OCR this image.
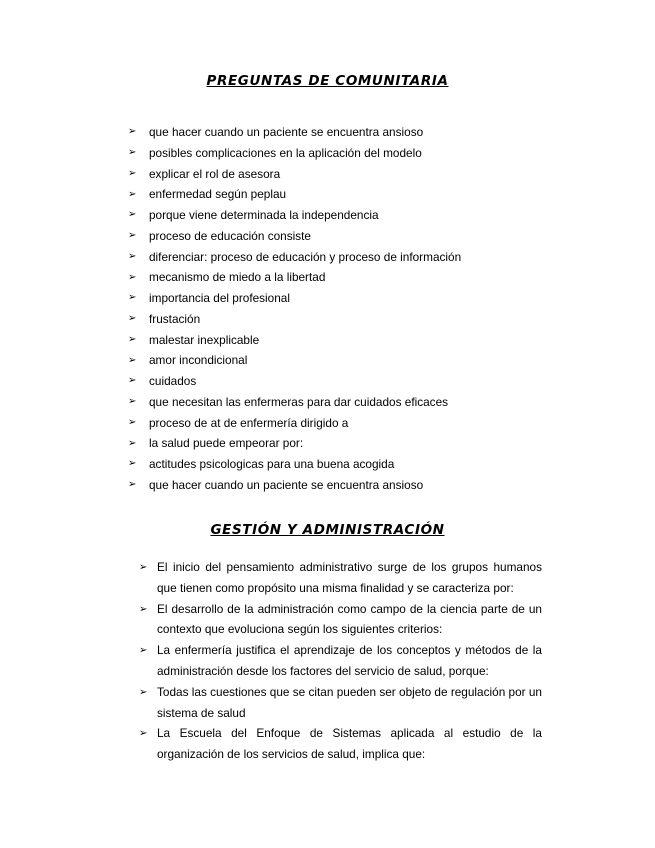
PREGUNTAS DE COMUNITARIA
➢	que hacer cuando un paciente se encuentra ansioso
➢	posibles complicaciones en la aplicación del modelo
➢	explicar el rol de asesora
➢	enfermedad según peplau
➢	porque viene determinada la independencia
➢	proceso de educación consiste
➢	diferenciar: proceso de educación y proceso de información
➢	mecanismo de miedo a la libertad
➢	importancia del profesional
➢	frustación
➢	malestar inexplicable
➢	amor incondicional
➢	cuidados
➢	que necesitan las enfermeras para dar cuidados eficaces
➢	proceso de at de enfermería dirigido a
➢	la salud puede empeorar por:
➢	actitudes psicologicas para una buena acogida
➢	que hacer cuando un paciente se encuentra ansioso
GESTIÓN Y ADMINISTRACIÓN
➢ El inicio del pensamiento administrativo surge de los grupos humanos que tienen como propósito una misma finalidad y se caracteriza por:
➢ El desarrollo de la administración como campo de la ciencia parte de un contexto que evoluciona según los siguientes criterios:
➢ La enfermería justifica el aprendizaje de los conceptos y métodos de la administración desde los factores del servicio de salud, porque:
➢ Todas las cuestiones que se citan pueden ser objeto de regulación por un sistema de salud
➢ La Escuela del Enfoque de Sistemas aplicada al estudio de la organización de los servicios de salud, implica que:
